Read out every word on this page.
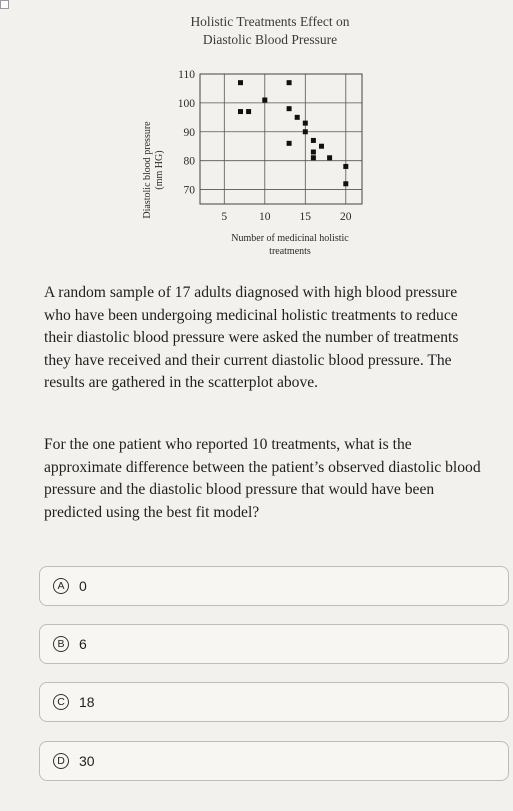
Holistic Treatments Effect on
Diastolic Blood Pressure
70
80
90
100
110
5	10	15	20
Diastolic blood pressure (mm HG)
Number of medicinal holistic
treatments

A random sample of 17 adults diagnosed with high blood pressure who have been undergoing medicinal holistic treatments to reduce their diastolic blood pressure were asked the number of treatments they have received and their current diastolic blood pressure. The results are gathered in the scatterplot above.

For the one patient who reported 10 treatments, what is the approximate difference between the patient’s observed diastolic blood pressure and the diastolic blood pressure that would have been predicted using the best fit model?

A	0
B	6
C	18
D	30
